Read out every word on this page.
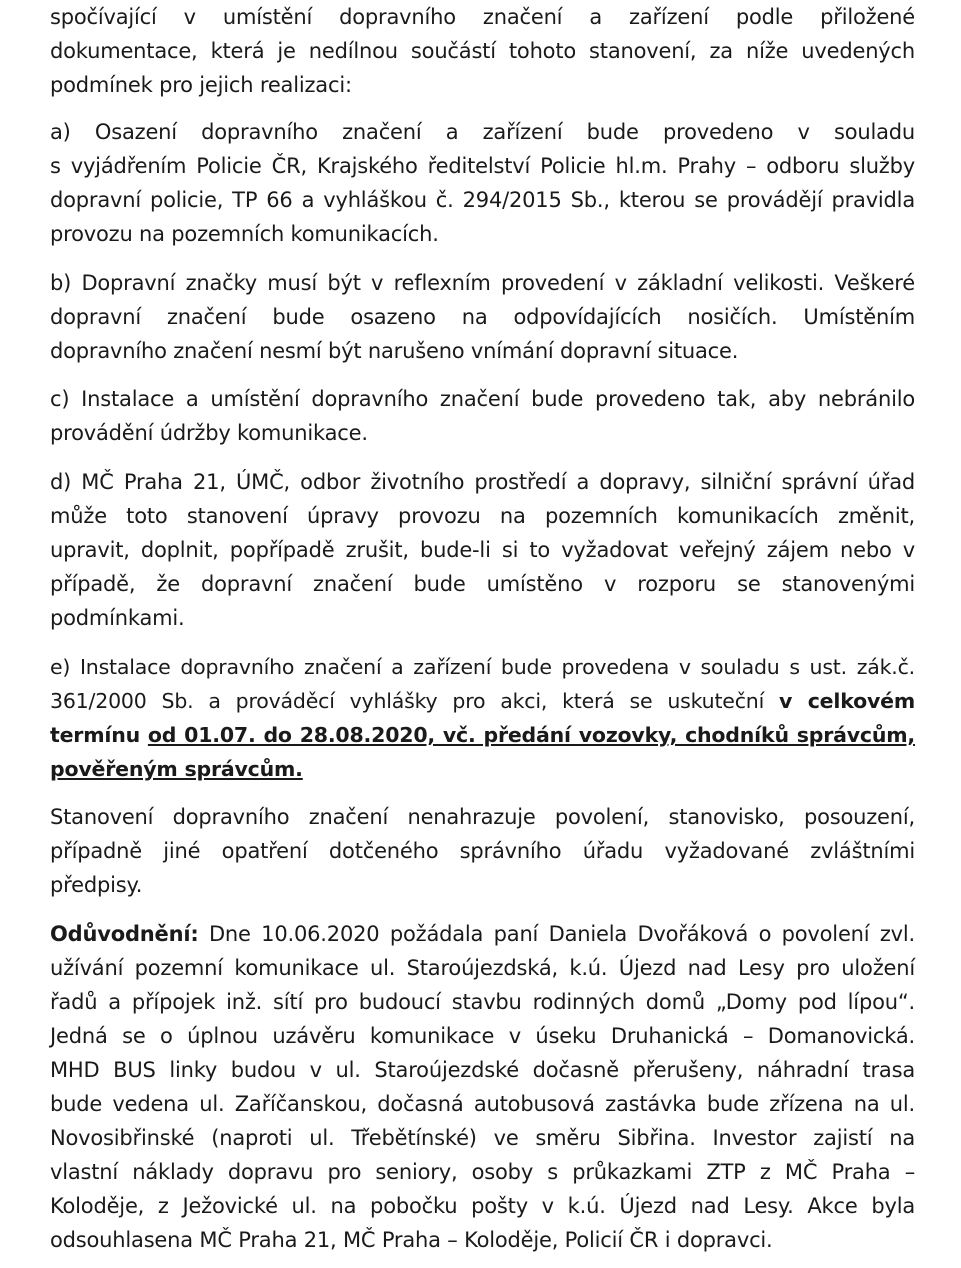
spočívající v umístění dopravního značení a zařízení podle přiložené
dokumentace, která je nedílnou součástí tohoto stanovení, za níže uvedených
podmínek pro jejich realizaci:

a) Osazení dopravního značení a zařízení bude provedeno v souladu
s vyjádřením Policie ČR, Krajského ředitelství Policie hl.m. Prahy – odboru služby
dopravní policie, TP 66 a vyhláškou č. 294/2015 Sb., kterou se provádějí pravidla
provozu na pozemních komunikacích.

b) Dopravní značky musí být v reflexním provedení v základní velikosti. Veškeré
dopravní značení bude osazeno na odpovídajících nosičích. Umístěním
dopravního značení nesmí být narušeno vnímání dopravní situace.

c) Instalace a umístění dopravního značení bude provedeno tak, aby nebránilo
provádění údržby komunikace.

d) MČ Praha 21, ÚMČ, odbor životního prostředí a dopravy, silniční správní úřad
může toto stanovení úpravy provozu na pozemních komunikacích změnit,
upravit, doplnit, popřípadě zrušit, bude-li si to vyžadovat veřejný zájem nebo v
případě, že dopravní značení bude umístěno v rozporu se stanovenými
podmínkami.

e) Instalace dopravního značení a zařízení bude provedena v souladu s ust. zák.č.
361/2000 Sb. a prováděcí vyhlášky pro akci, která se uskuteční v celkovém
termínu od 01.07. do 28.08.2020, vč. předání vozovky, chodníků správcům,
pověřeným správcům.

Stanovení dopravního značení nenahrazuje povolení, stanovisko, posouzení,
případně jiné opatření dotčeného správního úřadu vyžadované zvláštními
předpisy.

Odůvodnění: Dne 10.06.2020 požádala paní Daniela Dvořáková o povolení zvl.
užívání pozemní komunikace ul. Staroújezdská, k.ú. Újezd nad Lesy pro uložení
řadů a přípojek inž. sítí pro budoucí stavbu rodinných domů „Domy pod lípou“.
Jedná se o úplnou uzávěru komunikace v úseku Druhanická – Domanovická.
MHD BUS linky budou v ul. Staroújezdské dočasně přerušeny, náhradní trasa
bude vedena ul. Zaříčanskou, dočasná autobusová zastávka bude zřízena na ul.
Novosibřinské (naproti ul. Třebětínské) ve směru Sibřina. Investor zajistí na
vlastní náklady dopravu pro seniory, osoby s průkazkami ZTP z MČ Praha –
Koloděje, z Ježovické ul. na pobočku pošty v k.ú. Újezd nad Lesy. Akce byla
odsouhlasena MČ Praha 21, MČ Praha – Koloděje, Policií ČR i dopravci.
